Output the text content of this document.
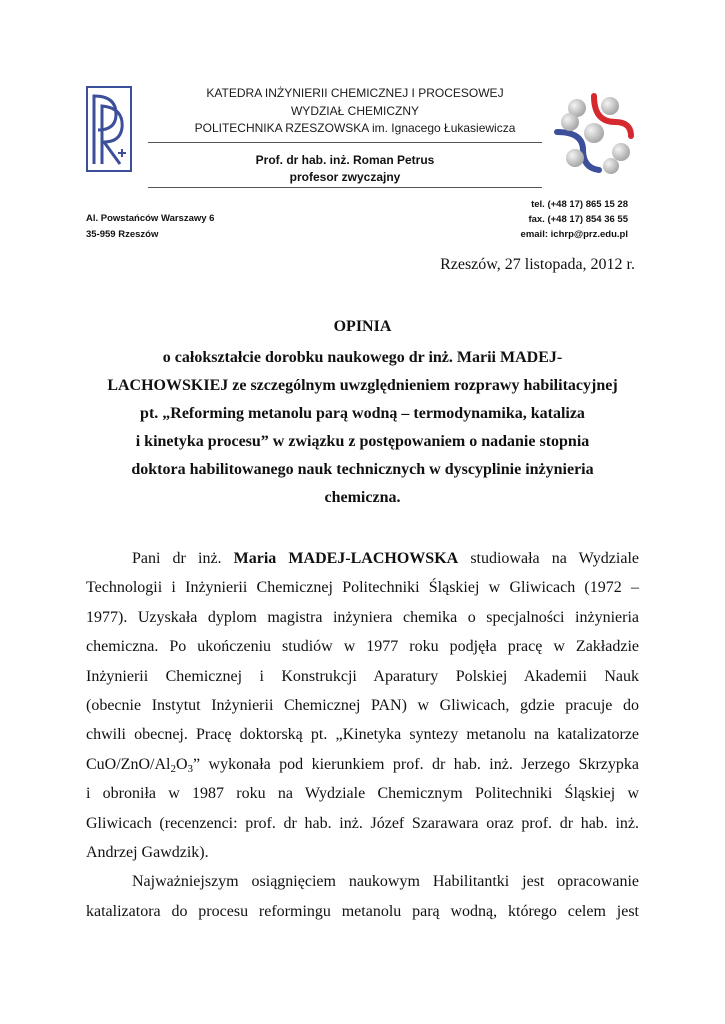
KATEDRA INŻYNIERII CHEMICZNEJ I PROCESOWEJ
WYDZIAŁ CHEMICZNY
POLITECHNIKA RZESZOWSKA im. Ignacego Łukasiewicza
Prof. dr hab. inż. Roman Petrus
profesor zwyczajny
Al. Powstańców Warszawy 6
35-959 Rzeszów
tel. (+48 17) 865 15 28
fax. (+48 17) 854 36 55
email: ichrp@prz.edu.pl
Rzeszów, 27 listopada, 2012 r.
OPINIA
o całokształcie dorobku naukowego dr inż. Marii MADEJ-
LACHOWSKIEJ ze szczególnym uwzględnieniem rozprawy habilitacyjnej
pt. „Reforming metanolu parą wodną – termodynamika, kataliza
i kinetyka procesu” w związku z postępowaniem o nadanie stopnia
doktora habilitowanego nauk technicznych w dyscyplinie inżynieria
chemiczna.
Pani dr inż. Maria MADEJ-LACHOWSKA studiowała na Wydziale
Technologii i Inżynierii Chemicznej Politechniki Śląskiej w Gliwicach (1972 –
1977). Uzyskała dyplom magistra inżyniera chemika o specjalności inżynieria
chemiczna. Po ukończeniu studiów w 1977 roku podjęła pracę w Zakładzie
Inżynierii Chemicznej i Konstrukcji Aparatury Polskiej Akademii Nauk
(obecnie Instytut Inżynierii Chemicznej PAN) w Gliwicach, gdzie pracuje do
chwili obecnej. Pracę doktorską pt. „Kinetyka syntezy metanolu na katalizatorze
CuO/$ZnO/Al_2O_3$” wykonała pod kierunkiem prof. dr hab. inż. Jerzego Skrzypka
i obroniła w 1987 roku na Wydziale Chemicznym Politechniki Śląskiej w
Gliwicach (recenzenci: prof. dr hab. inż. Józef Szarawara oraz prof. dr hab. inż.
Andrzej Gawdzik).
Najważniejszym osiągnięciem naukowym Habilitantki jest opracowanie
katalizatora do procesu reformingu metanolu parą wodną, którego celem jest
